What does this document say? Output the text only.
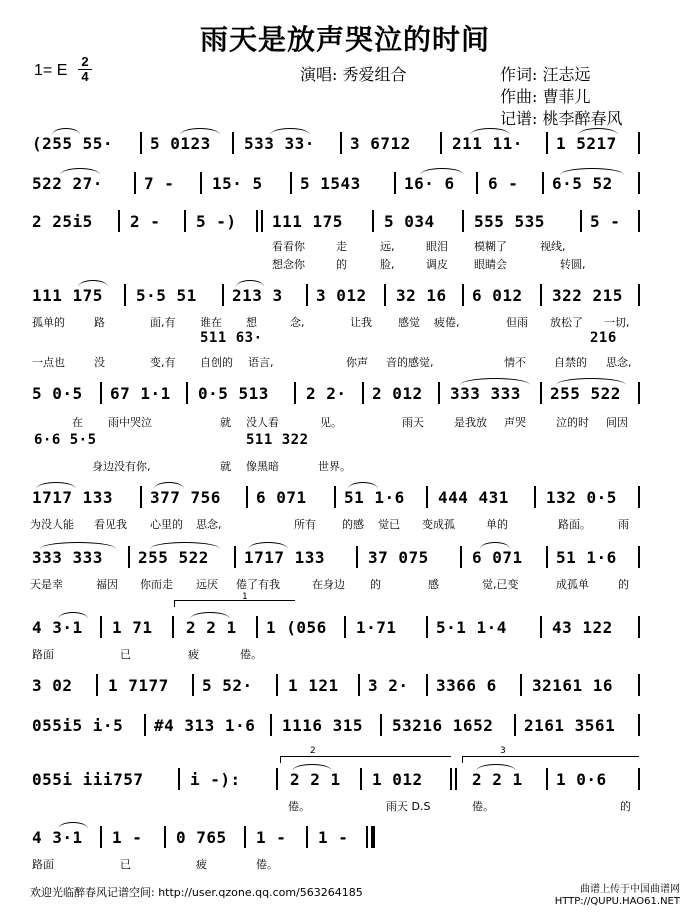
雨天是放声哭泣的时间
1= E
2
4	演唱: 秀爱组合	作词: 汪志远
作曲: 曹菲儿
记谱: 桃李醉春风
(255 55· 5 0123 533 33· 3 6712	211 11· 1 5217
522 27·	7 - 15· 5 5 1543	16· 6 6 - 6·5 52
2 25i5 2 - 5 -) 111 175	5 034 555 535	5 -
看看你	走	远,	眼泪 模糊了	视线,
想念你	的	脸,	调皮 眼睛会	转圆,
111 175 5·5 51 213 3 3 012 32 16 6 012 322 215
孤单的	路	面,有 谁在 想	念,	让我 感觉 疲倦,	但雨 放松了 一切,
511 63·	216
一点也	没	变,有 自创的 语言,	你声 音的感觉,	情不	自禁的 思念,
5 0·5 67 1·1 0·5 513 2 2· 2 012 333 333 255 522
在 雨中哭泣	就 没人看	见。	雨天	是我放 声哭	泣的时 间因
6·6 5·5	511 322
身边没有你,	就 像黑暗	世界。
1717 133 377 756 6 071 51 1·6 444 431 132 0·5
为没人能 看见我 心里的 思念,	所有 的感 觉已 变成孤	单的	路面。 雨
333 333 255 522 1717 133	37 075	6 071 51 1·6
天是幸	福因 你而走 远厌 倦了有我	在身边 的	感	觉,已变	成孤单	的
1
4 3·1 1 71 2 2 1 1 (056 1·71 5·1 1·4	43 122
路面	已	疲	倦。
3 02 1 7177 5 52· 1 121 3 2· 3366 6 32161 16
055i5 i·5 #4 313 1·6 1116 315 53216 1652 2161 3561
2	3
055i iii757	i -):	2 2 1 1 012	2 2 1 1 0·6
倦。	雨天 D.S	倦。	的
4 3·1 1 - 0 765 1 - 1 -
路面	已	疲	倦。
欢迎光临醉春风记谱空间: http://user.qzone.qq.com/563264185	曲谱上传于中国曲谱网
HTTP://QUPU.HAO61.NET
